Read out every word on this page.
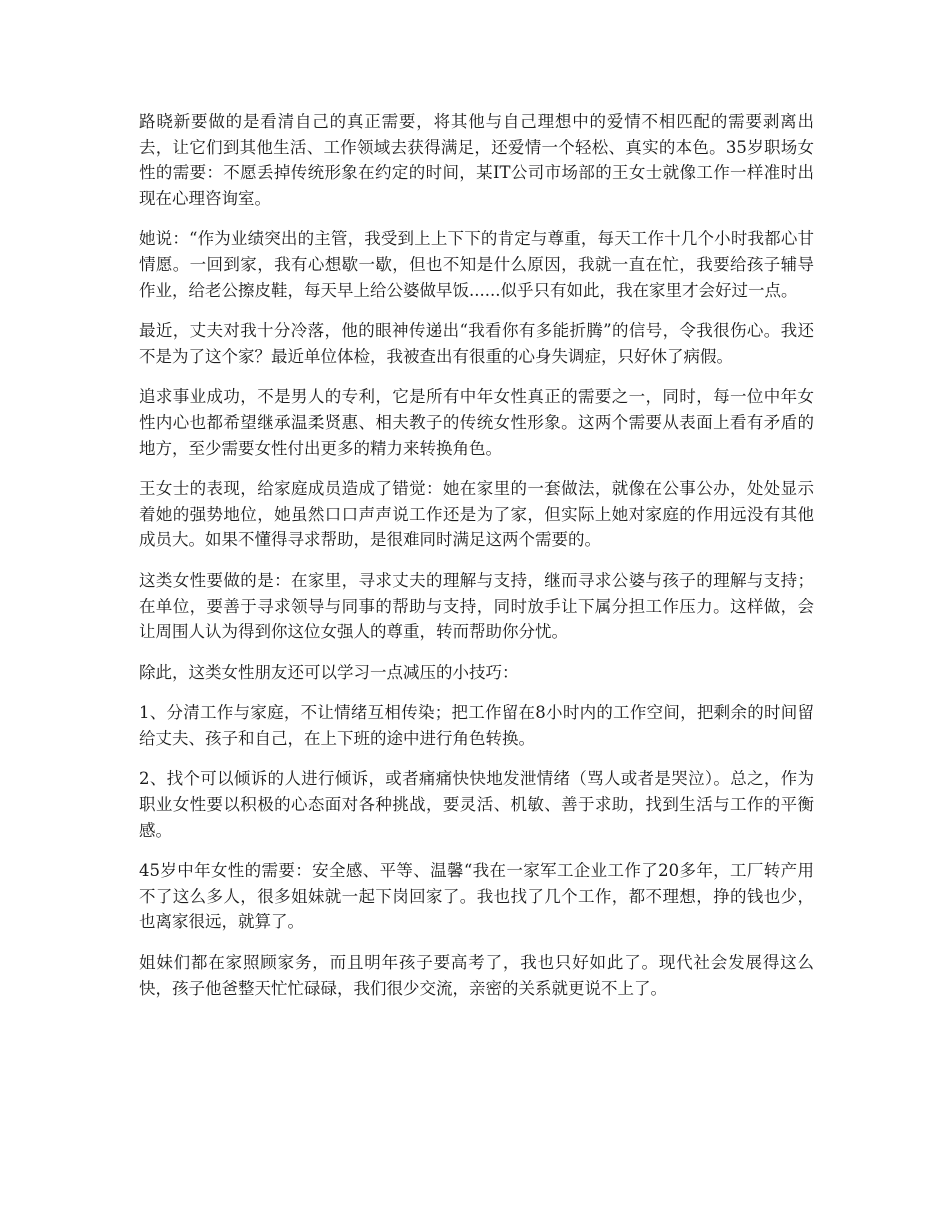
路晓新要做的是看清自己的真正需要，将其他与自己理想中的爱情不相匹配的需要剥离出去，让它们到其他生活、工作领域去获得满足，还爱情一个轻松、真实的本色。35岁职场女性的需要：不愿丢掉传统形象在约定的时间，某IT公司市场部的王女士就像工作一样准时出现在心理咨询室。

她说：“作为业绩突出的主管，我受到上上下下的肯定与尊重，每天工作十几个小时我都心甘情愿。一回到家，我有心想歇一歇，但也不知是什么原因，我就一直在忙，我要给孩子辅导作业，给老公擦皮鞋，每天早上给公婆做早饭......似乎只有如此，我在家里才会好过一点。

最近，丈夫对我十分冷落，他的眼神传递出“我看你有多能折腾”的信号，令我很伤心。我还不是为了这个家？最近单位体检，我被查出有很重的心身失调症，只好休了病假。

追求事业成功，不是男人的专利，它是所有中年女性真正的需要之一，同时，每一位中年女性内心也都希望继承温柔贤惠、相夫教子的传统女性形象。这两个需要从表面上看有矛盾的地方，至少需要女性付出更多的精力来转换角色。

王女士的表现，给家庭成员造成了错觉：她在家里的一套做法，就像在公事公办，处处显示着她的强势地位，她虽然口口声声说工作还是为了家，但实际上她对家庭的作用远没有其他成员大。如果不懂得寻求帮助，是很难同时满足这两个需要的。

这类女性要做的是：在家里，寻求丈夫的理解与支持，继而寻求公婆与孩子的理解与支持；在单位，要善于寻求领导与同事的帮助与支持，同时放手让下属分担工作压力。这样做，会让周围人认为得到你这位女强人的尊重，转而帮助你分忧。

除此，这类女性朋友还可以学习一点减压的小技巧：

1、分清工作与家庭，不让情绪互相传染；把工作留在8小时内的工作空间，把剩余的时间留给丈夫、孩子和自己，在上下班的途中进行角色转换。

2、找个可以倾诉的人进行倾诉，或者痛痛快快地发泄情绪（骂人或者是哭泣）。总之，作为职业女性要以积极的心态面对各种挑战，要灵活、机敏、善于求助，找到生活与工作的平衡感。

45岁中年女性的需要：安全感、平等、温馨“我在一家军工企业工作了20多年，工厂转产用不了这么多人，很多姐妹就一起下岗回家了。我也找了几个工作，都不理想，挣的钱也少，也离家很远，就算了。

姐妹们都在家照顾家务，而且明年孩子要高考了，我也只好如此了。现代社会发展得这么快，孩子他爸整天忙忙碌碌，我们很少交流，亲密的关系就更说不上了。
